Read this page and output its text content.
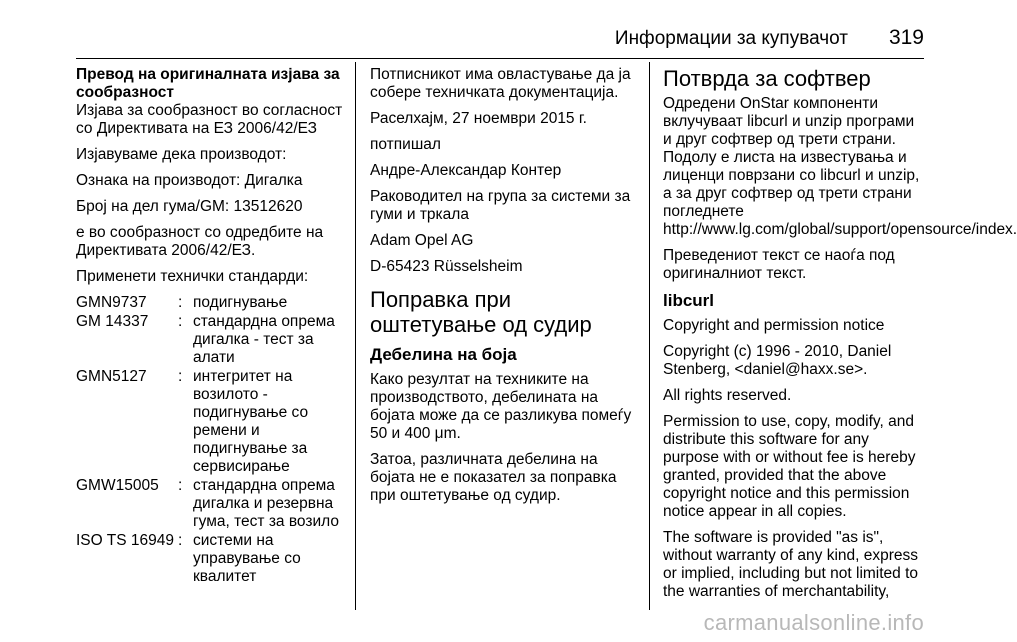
Информации за купувачот 319

Превод на оригиналната изјава за сообразност

Изјава за сообразност во согласност со Директивата на ЕЗ 2006/42/ЕЗ

Изјавуваме дека производот:

Ознака на производот: Дигалка

Број на дел гума/GM: 13512620

е во сообразност со одредбите на Директивата 2006/42/ЕЗ.

Применети технички стандарди:

GMN9737	:	подигнување
GM 14337	:	стандардна опрема дигалка - тест за алати
GMN5127	:	интегритет на возилото - подигнување со ремени и подигнување за сервисирање
GMW15005	:	стандардна опрема дигалка и резервна гума, тест за возило
ISO TS 16949	:	системи на управување со квалитет

Потписникот има овластување да ја собере техничката документација.

Раселхајм, 27 ноември 2015 г.

потпишал

Андре-Александар Контер

Раководител на група за системи за гуми и тркала

Adam Opel AG

D-65423 Rüsselsheim

Поправка при оштетување од судир
Дебелина на боја

Како резултат на техниките на производството, дебелината на бојата може да се разликува помеѓу 50 и 400 μm.

Затоа, различната дебелина на бојата не е показател за поправка при оштетување од судир.

Потврда за софтвер

Одредени OnStar компоненти вклучуваат libcurl и unzip програми и друг софтвер од трети страни. Подолу е листа на известувања и лиценци поврзани со libcurl и unzip, а за друг софтвер од трети страни погледнете http://www.lg.com/global/support/opensource/index.

Преведениот текст се наоѓа под оригиналниот текст.

libcurl

Copyright and permission notice

Copyright (c) 1996 - 2010, Daniel Stenberg, <daniel@haxx.se>.

All rights reserved.

Permission to use, copy, modify, and distribute this software for any purpose with or without fee is hereby granted, provided that the above copyright notice and this permission notice appear in all copies.

The software is provided "as is", without warranty of any kind, express or implied, including but not limited to the warranties of merchantability,

carmanualsonline.info
